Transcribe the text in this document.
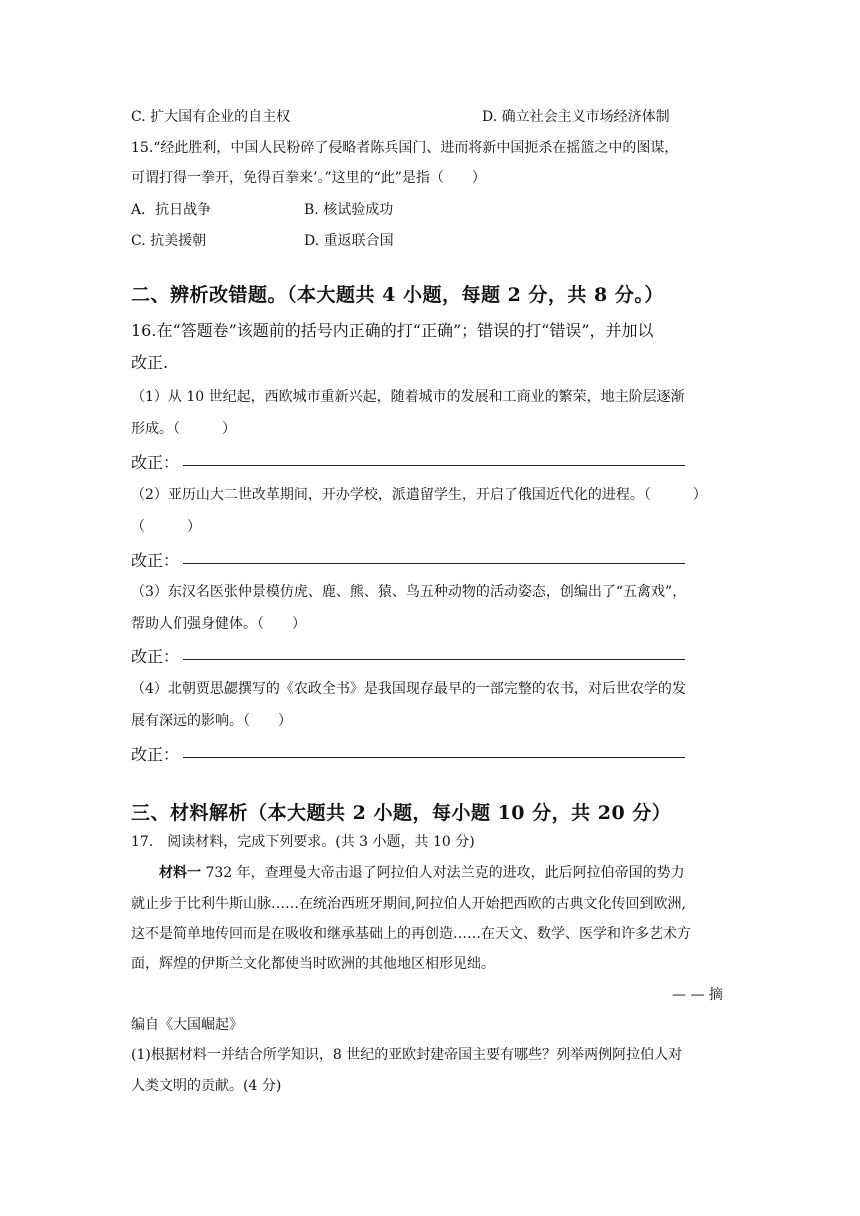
C. 扩大国有企业的自主权	D. 确立社会主义市场经济体制
15.“经此胜利，中国人民粉碎了侵略者陈兵国门、进而将新中国扼杀在摇篮之中的图谋，
可谓打得一拳开，免得百拳来’。”这里的“此”是指（　　）
A．抗日战争	B. 核试验成功
C. 抗美援朝	D. 重返联合国
二、辨析改错题。（本大题共 4 小题，每题 2 分，共 8 分。）
16.在“答题卷”该题前的括号内正确的打“正确”；错误的打“错误”，并加以
改正.
（1）从 10 世纪起，西欧城市重新兴起，随着城市的发展和工商业的繁荣，地主阶层逐渐
形成。（　　　）
改正：
（2）亚历山大二世改革期间，开办学校，派遣留学生，开启了俄国近代化的进程。（　　　）
（　　　）
改正：
（3）东汉名医张仲景模仿虎、鹿、熊、猿、鸟五种动物的活动姿态，创编出了“五禽戏”，
帮助人们强身健体。（　　）
改正：
（4）北朝贾思勰撰写的《农政全书》是我国现存最早的一部完整的农书，对后世农学的发
展有深远的影响。（　　）
改正：
三、材料解析（本大题共 2 小题，每小题 10 分，共 20 分）
17.　阅读材料，完成下列要求。(共 3 小题，共 10 分)
材料一 732 年，查理曼大帝击退了阿拉伯人对法兰克的进攻，此后阿拉伯帝国的势力
就止步于比利牛斯山脉……在统治西班牙期间,阿拉伯人开始把西欧的古典文化传回到欧洲,
这不是简单地传回而是在吸收和继承基础上的再创造……在天文、数学、医学和许多艺术方
面，辉煌的伊斯兰文化都使当时欧洲的其他地区相形见绌。
— — 摘
编自《大国崛起》
(1)根据材料一并结合所学知识，8 世纪的亚欧封建帝国主要有哪些？列举两例阿拉伯人对
人类文明的贡献。(4 分)
